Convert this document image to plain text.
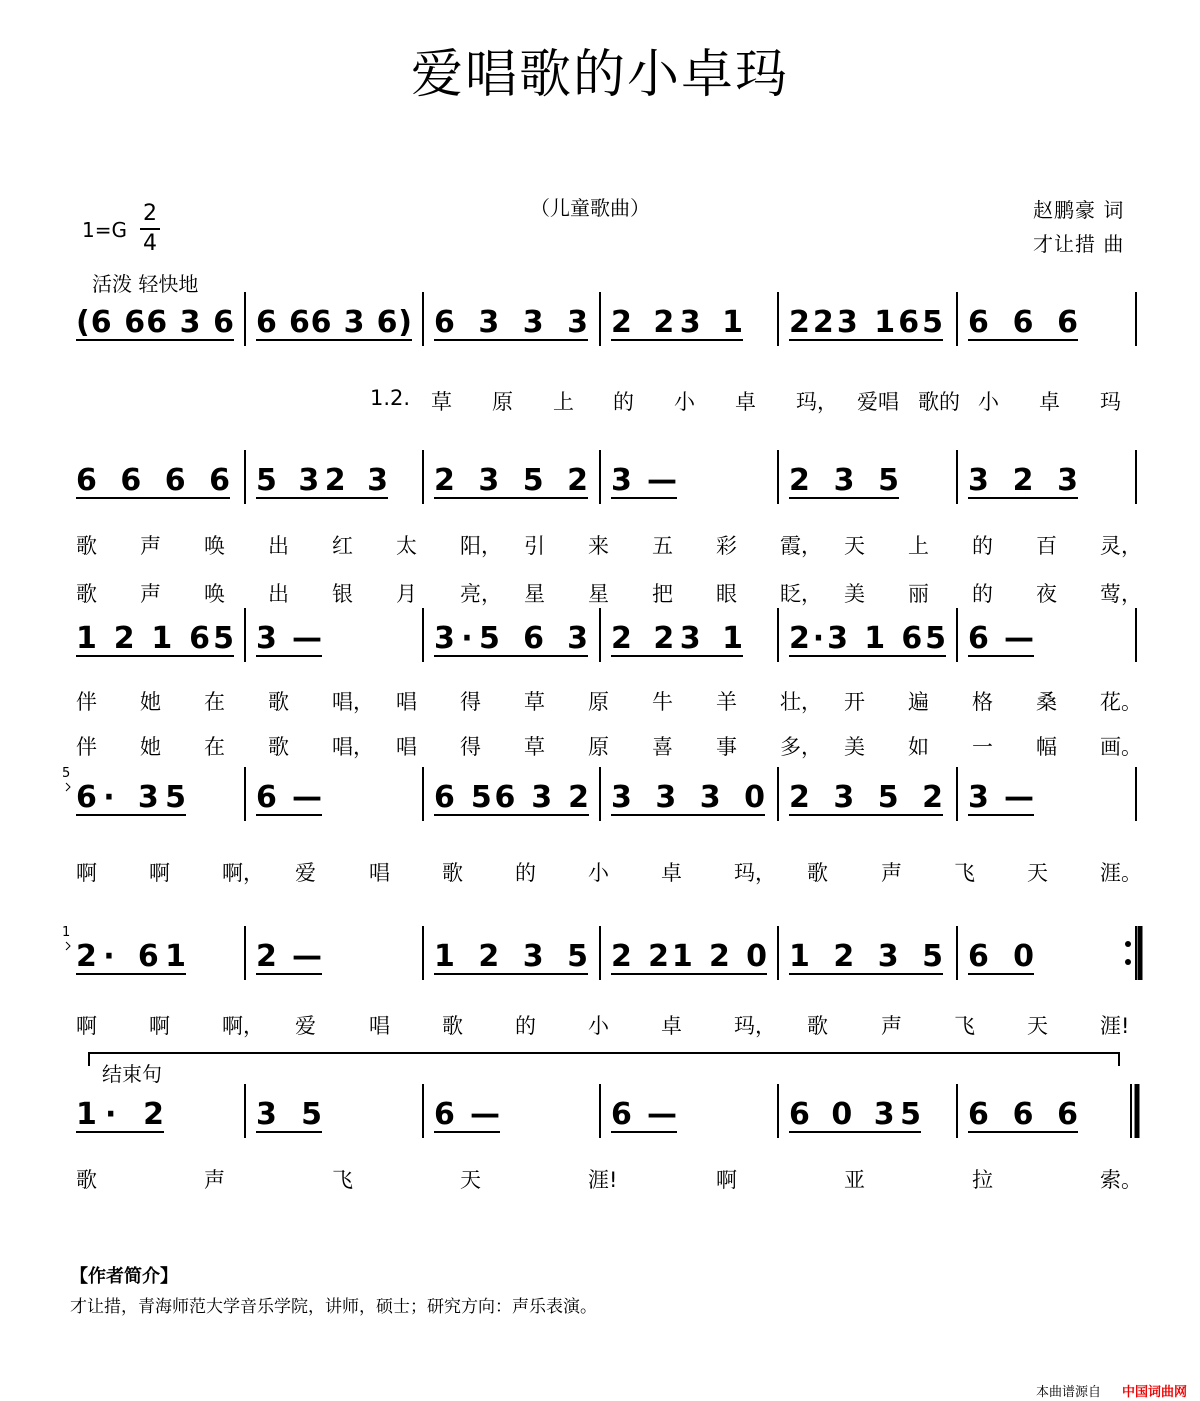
爱唱歌的小卓玛
（儿童歌曲）	赵鹏豪 词
才让措 曲
$1=G \frac{2}{4}$
活泼 轻快地
(6 66 3 6 6 66 3 6) 6 3 3 3 2 23 1 223 165 6 6 6
1.2. 草 原 上 的 小 卓 玛， 爱唱 歌的 小 卓 玛
6 6 6 6 5 32 3 2 3 5 2 3 —	2 3 5 3 2 3
歌 声 唤 出 红 太 阳， 引 来 五 彩 霞， 天 上 的 百 灵，
歌 声 唤 出 银 月 亮， 星 星 把 眼 眨， 美 丽 的 夜 莺，
1 2 1 65 3 —	3·5 6 3 2 23 1 2·3 1 65 6 —
伴 她 在 歌 唱， 唱 得 草 原 牛 羊 壮， 开 遍 格 桑 花。
伴 她 在 歌 唱， 唱 得 草 原 喜 事 多， 美 如 一 幅 画。
6· 35 6 —	6 56 3 2 3 3 3 0 2 3 5 2 3 —
5
啊 啊 啊， 爱	唱 歌 的 小 卓 玛， 歌	声 飞 天 涯。
2· 61 2 —	1 2 3 5 2 21 2 0 1 2 3 5 6 0
1
啊 啊 啊， 爱	唱 歌 的 小 卓 玛， 歌	声 飞 天 涯!
1· 2	3 5	6 —	6 —	6 0 35 6 6 6
结束句
歌	声	飞	天	涯!	啊	亚	拉	索。
【作者简介】
才让措，青海师范大学音乐学院，讲师，硕士；研究方向：声乐表演。
本曲谱源自 中国词曲网
